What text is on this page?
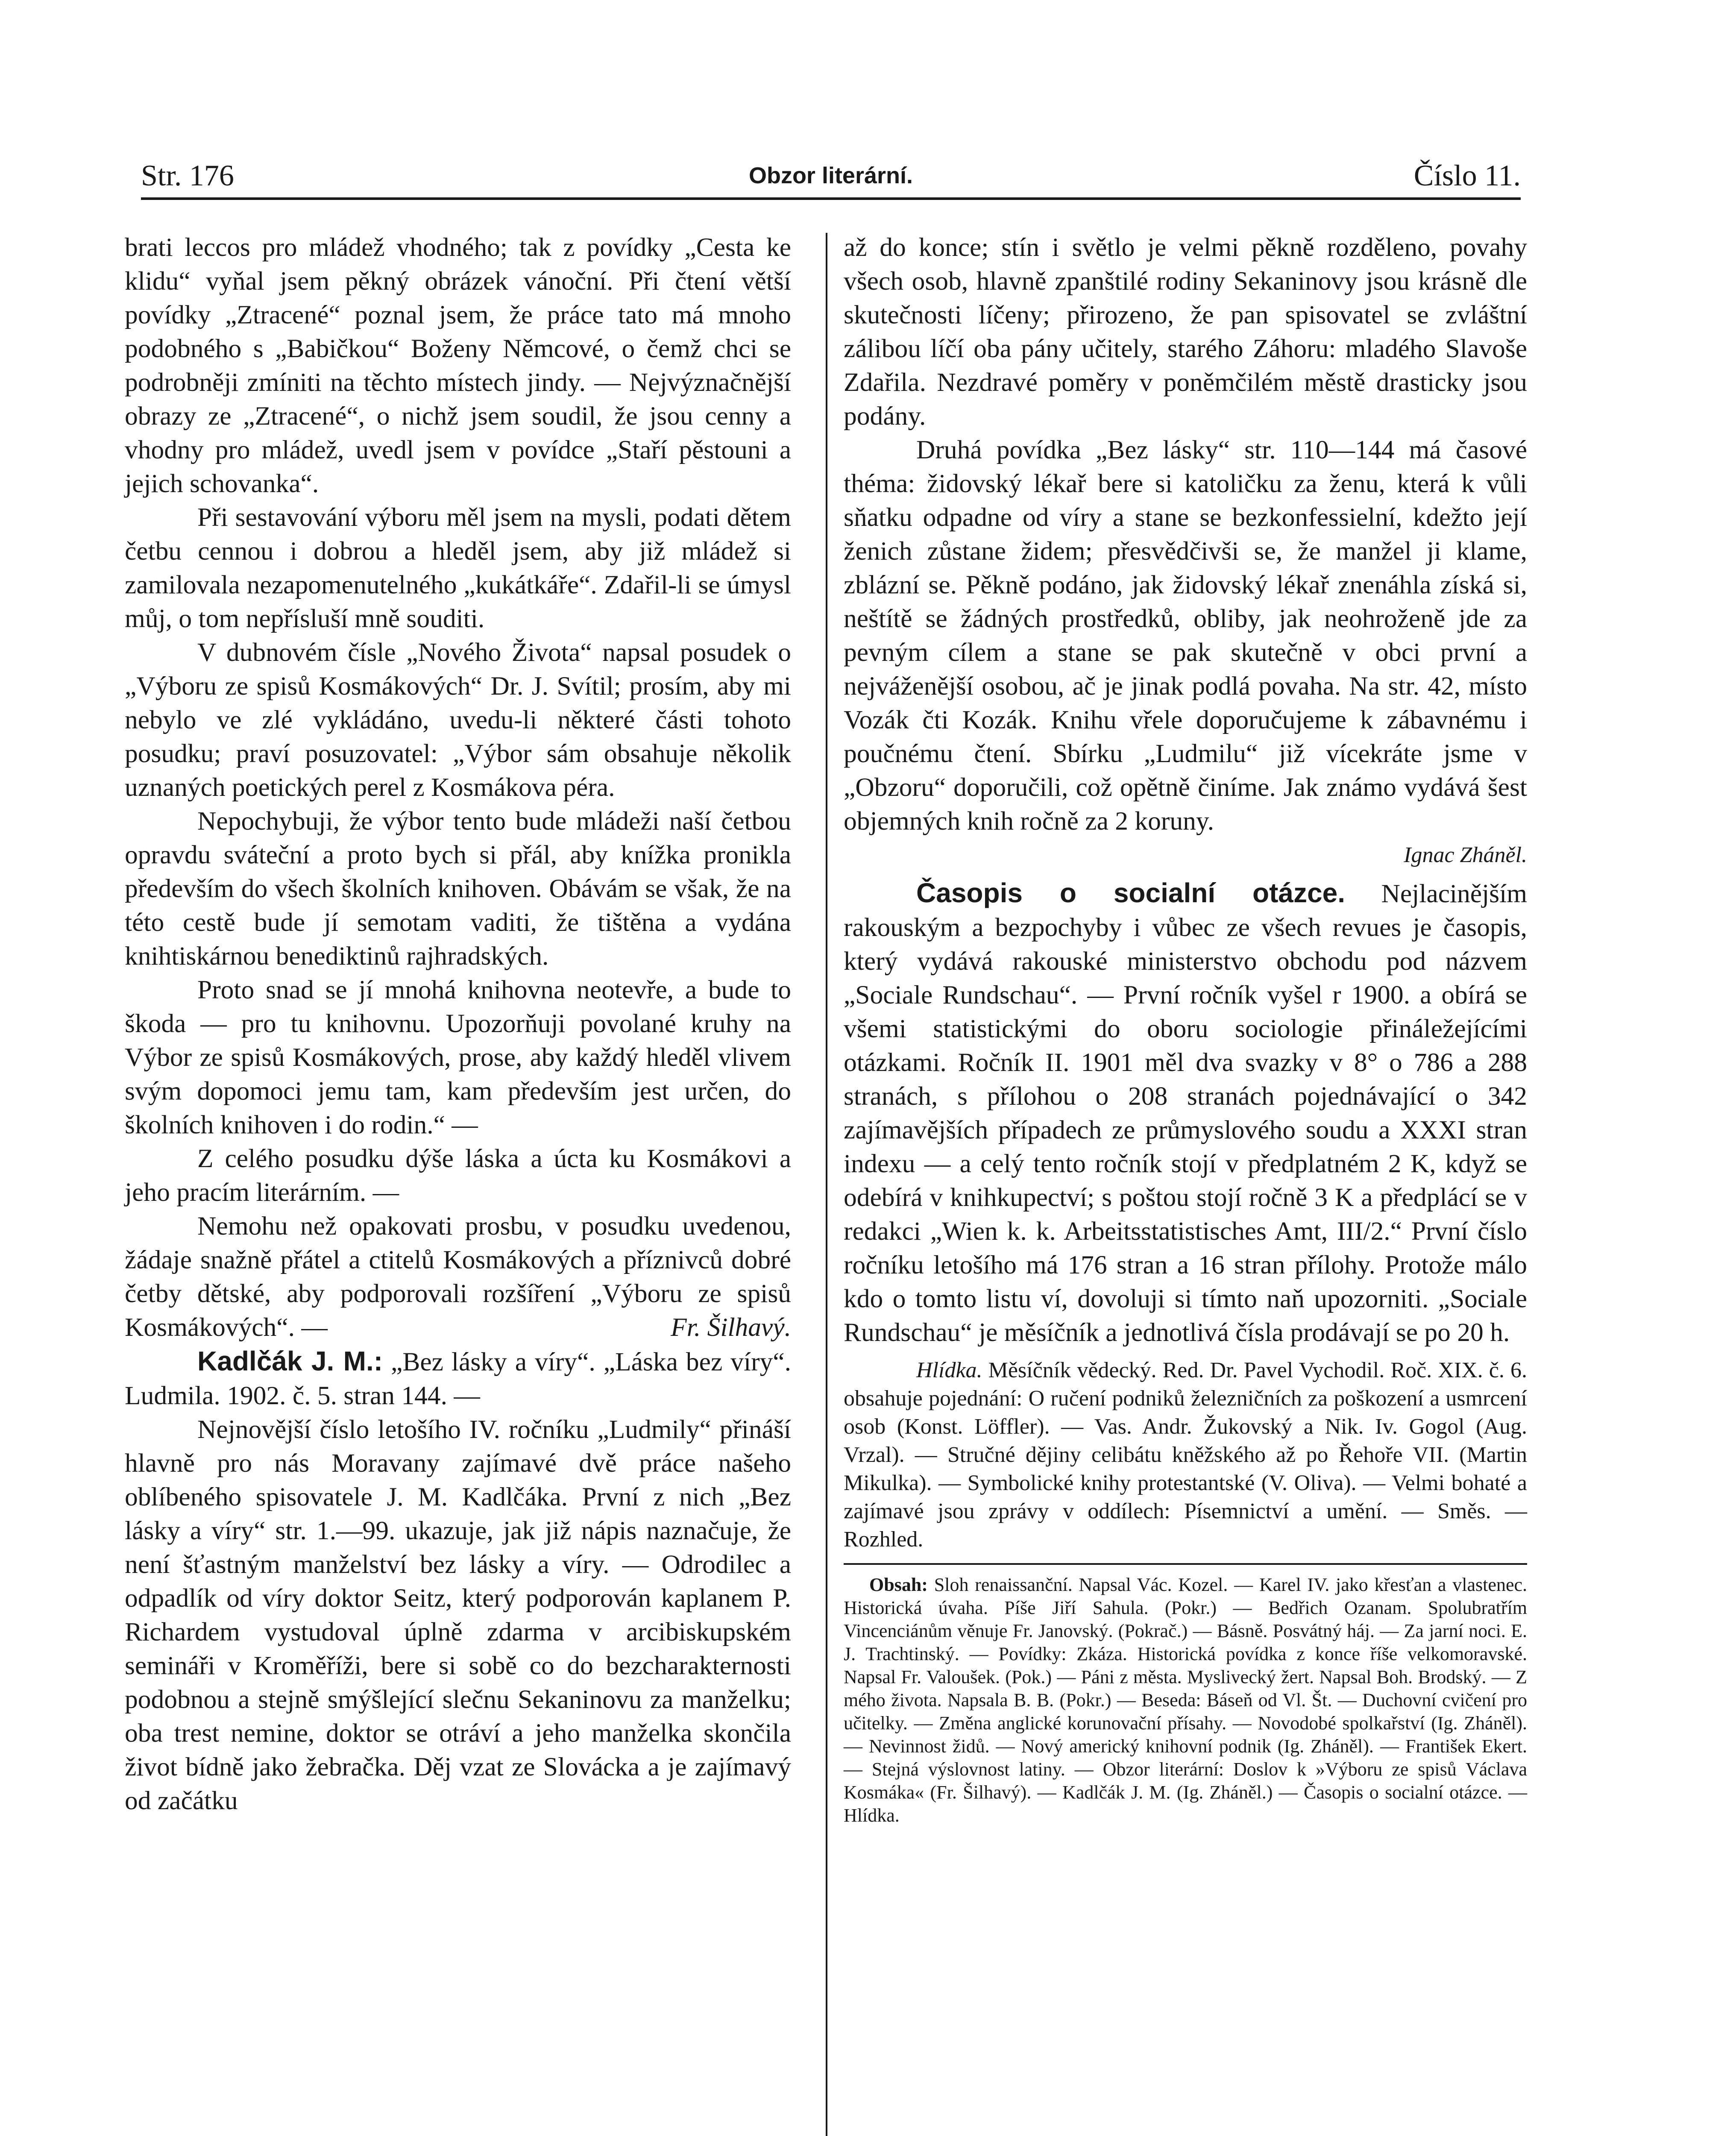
Str. 176	Obzor literární.	Číslo 11.

brati leccos pro mládež vhodného; tak z povídky „Cesta ke klidu“ vyňal jsem pěkný obrázek vánoční. Při čtení větší povídky „Ztracené“ poznal jsem, že práce tato má mnoho podobného s „Babičkou“ Boženy Němcové, o čemž chci se podrobněji zmíniti na těchto místech jindy. — Nejvýznačnější obrazy ze „Ztracené“, o nichž jsem soudil, že jsou cenny a vhodny pro mládež, uvedl jsem v povídce „Staří pěstouni a jejich schovanka“.

Při sestavování výboru měl jsem na mysli, podati dětem četbu cennou i dobrou a hleděl jsem, aby již mládež si zamilovala nezapomenutelného „kukátkáře“. Zdařil-li se úmysl můj, o tom nepřísluší mně souditi.

V dubnovém čísle „Nového Života“ napsal posudek o „Výboru ze spisů Kosmákových“ Dr. J. Svítil; prosím, aby mi nebylo ve zlé vykládáno, uvedu-li některé části tohoto posudku; praví posuzovatel: „Výbor sám obsahuje několik uznaných poetických perel z Kosmákova péra.

Nepochybuji, že výbor tento bude mládeži naší četbou opravdu sváteční a proto bych si přál, aby knížka pronikla především do všech školních knihoven. Obávám se však, že na této cestě bude jí semotam vaditi, že tištěna a vydána knihtiskárnou benediktinů rajhradských.

Proto snad se jí mnohá knihovna neotevře, a bude to škoda — pro tu knihovnu. Upozorňuji povolané kruhy na Výbor ze spisů Kosmákových, prose, aby každý hleděl vlivem svým dopomoci jemu tam, kam především jest určen, do školních knihoven i do rodin.“ —

Z celého posudku dýše láska a úcta ku Kosmákovi a jeho pracím literárním. —

Nemohu než opakovati prosbu, v posudku uvedenou, žádaje snažně přátel a ctitelů Kosmákových a příznivců dobré četby dětské, aby podporovali rozšíření „Výboru ze spisů Kosmákových“. —	Fr. Šilhavý.

Kadlčák J. M.: „Bez lásky a víry“. „Láska bez víry“. Ludmila. 1902. č. 5. stran 144. —

Nejnovější číslo letošího IV. ročníku „Ludmily“ přináší hlavně pro nás Moravany zajímavé dvě práce našeho oblíbeného spisovatele J. M. Kadlčáka. První z nich „Bez lásky a víry“ str. 1.—99. ukazuje, jak již nápis naznačuje, že není šťastným manželství bez lásky a víry. — Odrodilec a odpadlík od víry doktor Seitz, který podporován kaplanem P. Richardem vystudoval úplně zdarma v arcibiskupském semináři v Kroměříži, bere si sobě co do bezcharakternosti podobnou a stejně smýšlející slečnu Sekaninovu za manželku; oba trest nemine, doktor se otráví a jeho manželka skončila život bídně jako žebračka. Děj vzat ze Slovácka a je zajímavý od začátku

až do konce; stín i světlo je velmi pěkně rozděleno, povahy všech osob, hlavně zpanštilé rodiny Sekaninovy jsou krásně dle skutečnosti líčeny; přirozeno, že pan spisovatel se zvláštní zálibou líčí oba pány učitely, starého Záhoru: mladého Slavoše Zdařila. Nezdravé poměry v poněmčilém městě drasticky jsou podány.

Druhá povídka „Bez lásky“ str. 110—144 má časové théma: židovský lékař bere si katoličku za ženu, která k vůli sňatku odpadne od víry a stane se bezkonfessielní, kdežto její ženich zůstane židem; přesvědčivši se, že manžel ji klame, zblázní se. Pěkně podáno, jak židovský lékař znenáhla získá si, neštítě se žádných prostředků, obliby, jak neohroženě jde za pevným cílem a stane se pak skutečně v obci první a nejváženější osobou, ač je jinak podlá povaha. Na str. 42, místo Vozák čti Kozák. Knihu vřele doporučujeme k zábavnému i poučnému čtení. Sbírku „Ludmilu“ již vícekráte jsme v „Obzoru“ doporučili, což opětně činíme. Jak známo vydává šest objemných knih ročně za 2 koruny.

Ignac Zháněl.

Časopis o socialní otázce. Nejlacinějším rakouským a bezpochyby i vůbec ze všech revues je časopis, který vydává rakouské ministerstvo obchodu pod názvem „Sociale Rundschau“. — První ročník vyšel r 1900. a obírá se všemi statistickými do oboru sociologie přináležejícími otázkami. Ročník II. 1901 měl dva svazky v 8° o 786 a 288 stranách, s přílohou o 208 stranách pojednávající o 342 zajímavějších případech ze průmyslového soudu a XXXI stran indexu — a celý tento ročník stojí v předplatném 2 K, když se odebírá v knihkupectví; s poštou stojí ročně 3 K a předplácí se v redakci „Wien k. k. Arbeitsstatistisches Amt, III/2.“ První číslo ročníku letošího má 176 stran a 16 stran přílohy. Protože málo kdo o tomto listu ví, dovoluji si tímto naň upozorniti. „Sociale Rundschau“ je měsíčník a jednotlivá čísla prodávají se po 20 h.

Hlídka. Měsíčník vědecký. Red. Dr. Pavel Vychodil. Roč. XIX. č. 6. obsahuje pojednání: O ručení podniků železničních za poškození a usmrcení osob (Konst. Löffler). — Vas. Andr. Žukovský a Nik. Iv. Gogol (Aug. Vrzal). — Stručné dějiny celibátu kněžského až po Řehoře VII. (Martin Mikulka). — Symbolické knihy protestantské (V. Oliva). — Velmi bohaté a zajímavé jsou zprávy v oddílech: Písemnictví a umění. — Směs. — Rozhled.

Obsah: Sloh renaissanční. Napsal Vác. Kozel. — Karel IV. jako křesťan a vlastenec. Historická úvaha. Píše Jiří Sahula. (Pokr.) — Bedřich Ozanam. Spolubratřím Vincenciánům věnuje Fr. Janovský. (Pokrač.) — Básně. Posvátný háj. — Za jarní noci. E. J. Trachtinský. — Povídky: Zkáza. Historická povídka z konce říše velkomoravské. Napsal Fr. Valoušek. (Pok.) — Páni z města. Myslivecký žert. Napsal Boh. Brodský. — Z mého života. Napsala B. B. (Pokr.) — Beseda: Báseň od Vl. Št. — Duchovní cvičení pro učitelky. — Změna anglické korunovační přísahy. — Novodobé spolkařství (Ig. Zháněl). — Nevinnost židů. — Nový americký knihovní podnik (Ig. Zháněl). — František Ekert. — Stejná výslovnost latiny. — Obzor literární: Doslov k »Výboru ze spisů Václava Kosmáka« (Fr. Šilhavý). — Kadlčák J. M. (Ig. Zháněl.) — Časopis o socialní otázce. — Hlídka.
